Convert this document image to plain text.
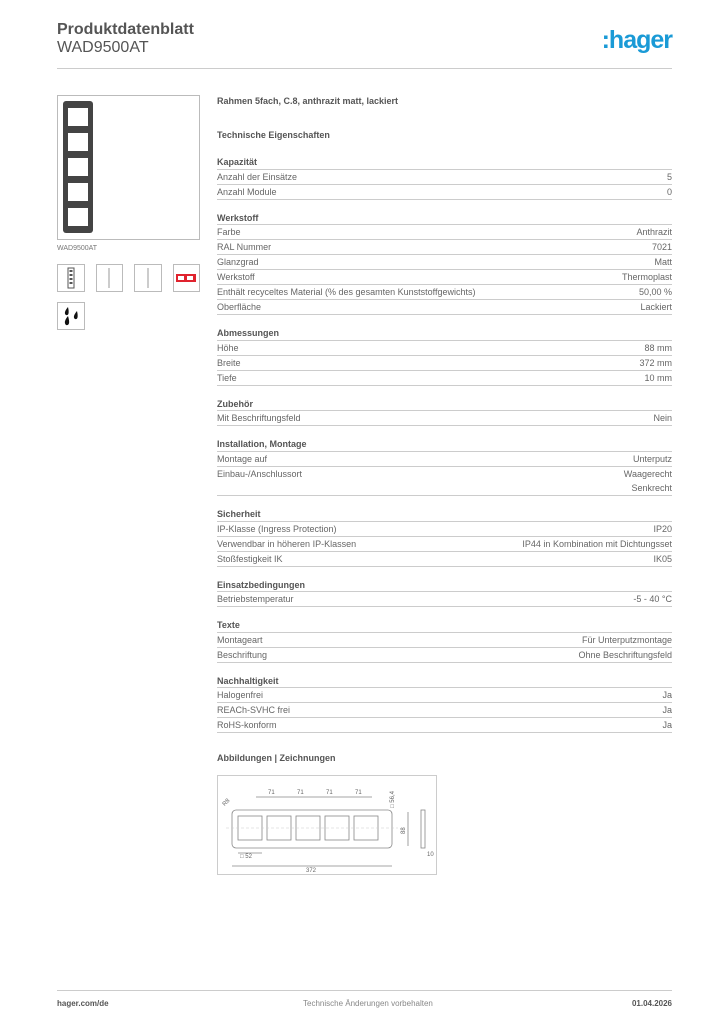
Produktdatenblatt
WAD9500AT	:hager
WAD9500AT
Rahmen 5fach, C.8, anthrazit matt, lackiert
Technische Eigenschaften
Kapazität
Anzahl der Einsätze	5
Anzahl Module	0
Werkstoff
Farbe	Anthrazit
RAL Nummer	7021
Glanzgrad	Matt
Werkstoff	Thermoplast
Enthält recyceltes Material (% des gesamten Kunststoffgewichts)	50,00 %
Oberfläche	Lackiert
Abmessungen
Höhe	88 mm
Breite	372 mm
Tiefe	10 mm
Zubehör
Mit Beschriftungsfeld	Nein
Installation, Montage
Montage auf	Unterputz
Einbau-/Anschlussort	Waagerecht
Senkrecht
Sicherheit
IP-Klasse (Ingress Protection)	IP20
Verwendbar in höheren IP-Klassen	IP44 in Kombination mit Dichtungsset
Stoßfestigkeit IK	IK05
Einsatzbedingungen
Betriebstemperatur	-5 - 40 °C
Texte
Montageart	Für Unterputzmontage
Beschriftung	Ohne Beschriftungsfeld
Nachhaltigkeit
Halogenfrei	Ja
REACh-SVHC frei	Ja
RoHS-konform	Ja
Abbildungen | Zeichnungen
71	71	71	71
R8
□ 52
□ 56,4
88
372
10
hager.com/de	Technische Änderungen vorbehalten	01.04.2026
